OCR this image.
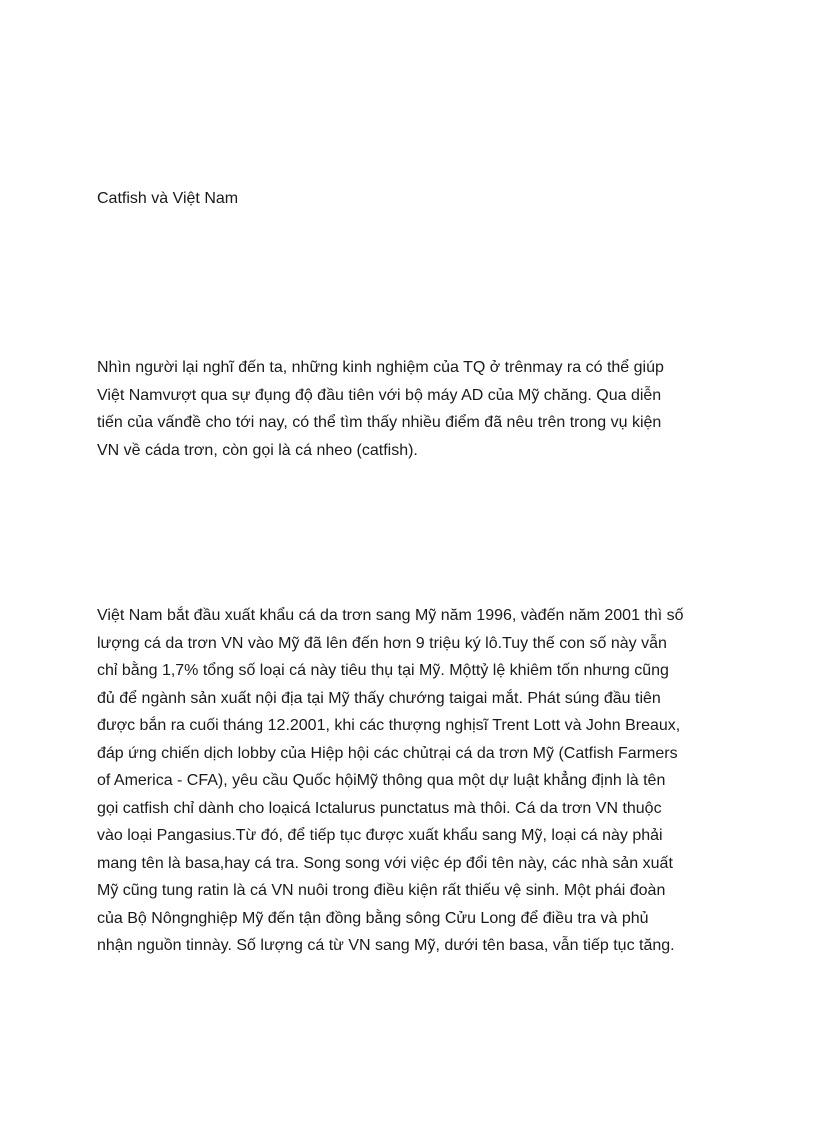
Catfish và Việt Nam

Nhìn người lại nghĩ đến ta, những kinh nghiệm của TQ ở trênmay ra có thể giúp
Việt Namvượt qua sự đụng độ đầu tiên với bộ máy AD của Mỹ chăng. Qua diễn
tiến của vấnđề cho tới nay, có thể tìm thấy nhiều điểm đã nêu trên trong vụ kiện
VN về cáda trơn, còn gọi là cá nheo (catfish).

Việt Nam bắt đầu xuất khẩu cá da trơn sang Mỹ năm 1996, vàđến năm 2001 thì số
lượng cá da trơn VN vào Mỹ đã lên đến hơn 9 triệu ký lô.Tuy thế con số này vẫn
chỉ bằng 1,7% tổng số loại cá này tiêu thụ tại Mỹ. Mộttỷ lệ khiêm tốn nhưng cũng
đủ để ngành sản xuất nội địa tại Mỹ thấy chướng taigai mắt. Phát súng đầu tiên
được bắn ra cuối tháng 12.2001, khi các thượng nghịsĩ Trent Lott và John Breaux,
đáp ứng chiến dịch lobby của Hiệp hội các chủtrại cá da trơn Mỹ (Catfish Farmers
of America - CFA), yêu cầu Quốc hộiMỹ thông qua một dự luật khẳng định là tên
gọi catfish chỉ dành cho loạicá Ictalurus punctatus mà thôi. Cá da trơn VN thuộc
vào loại Pangasius.Từ đó, để tiếp tục được xuất khẩu sang Mỹ, loại cá này phải
mang tên là basa,hay cá tra. Song song với việc ép đổi tên này, các nhà sản xuất
Mỹ cũng tung ratin là cá VN nuôi trong điều kiện rất thiếu vệ sinh. Một phái đoàn
của Bộ Nôngnghiệp Mỹ đến tận đồng bằng sông Cửu Long để điều tra và phủ
nhận nguồn tinnày. Số lượng cá từ VN sang Mỹ, dưới tên basa, vẫn tiếp tục tăng.
